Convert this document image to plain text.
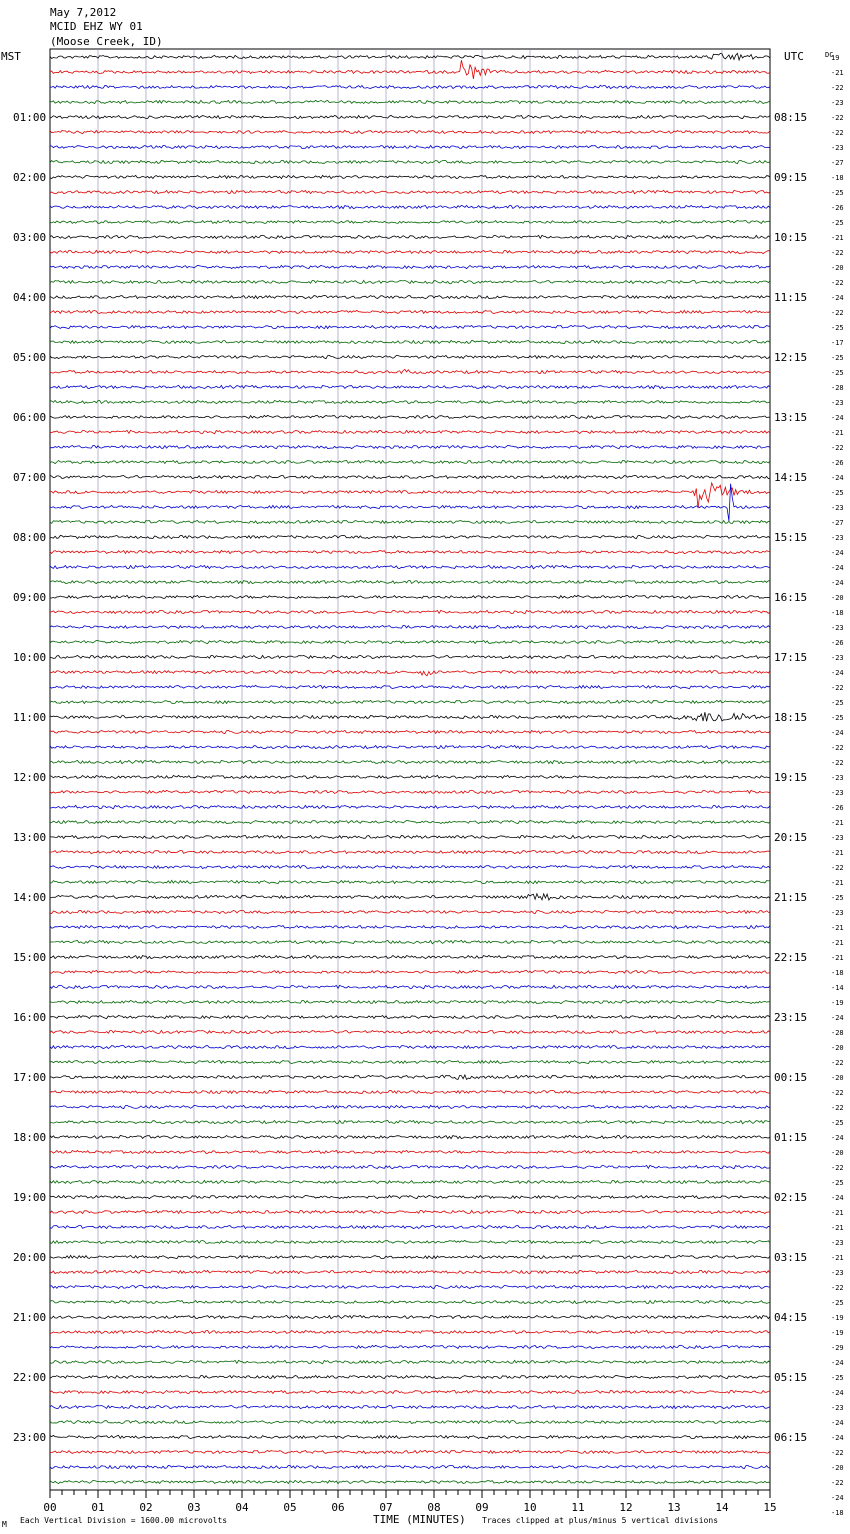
May 7,2012
MCID EHZ WY 01
(Moose Creek, ID)
MST	UTC	DC
01:00
02:00
03:00
04:00
05:00
06:00
07:00
08:00
09:00
10:00
11:00
12:00
13:00
14:00
15:00
16:00
17:00
18:00
19:00
20:00
21:00
22:00
23:00
08:15
09:15
10:15
11:15
12:15
13:15
14:15
15:15
16:15
17:15
18:15
19:15
20:15
21:15
22:15
23:15
00:15
01:15
02:15
03:15
04:15
05:15
06:15
19
-21
-22
-23
-22
-22
-23
-27
-18
-25
-26
-25
-21
-22
-20
-22
-24
-22
-25
-17
-25
-25
-28
-23
-24
-21
-22
-26
-24
-25
-23
-27
-23
-24
-24
-24
-20
-18
-23
-26
-23
-24
-22
-25
-25
-24
-22
-22
-23
-23
-26
-21
-23
-21
-22
-21
-25
-23
-21
-21
-21
-18
-14
-19
-24
-28
-20
-22
-20
-22
-22
-25
-24
-20
-22
-25
-24
-21
-21
-23
-21
-23
-22
-25
-19
-19
-29
-24
-25
-24
-23
-24
-24
-22
-20
-22
-24
-18
00	01	02	03	04	05	06	07	08	09	10	11	12	13	14	15
TIME (MINUTES)
Each Vertical Division = 1600.00 microvolts	Traces clipped at plus/minus 5 vertical divisions
M
